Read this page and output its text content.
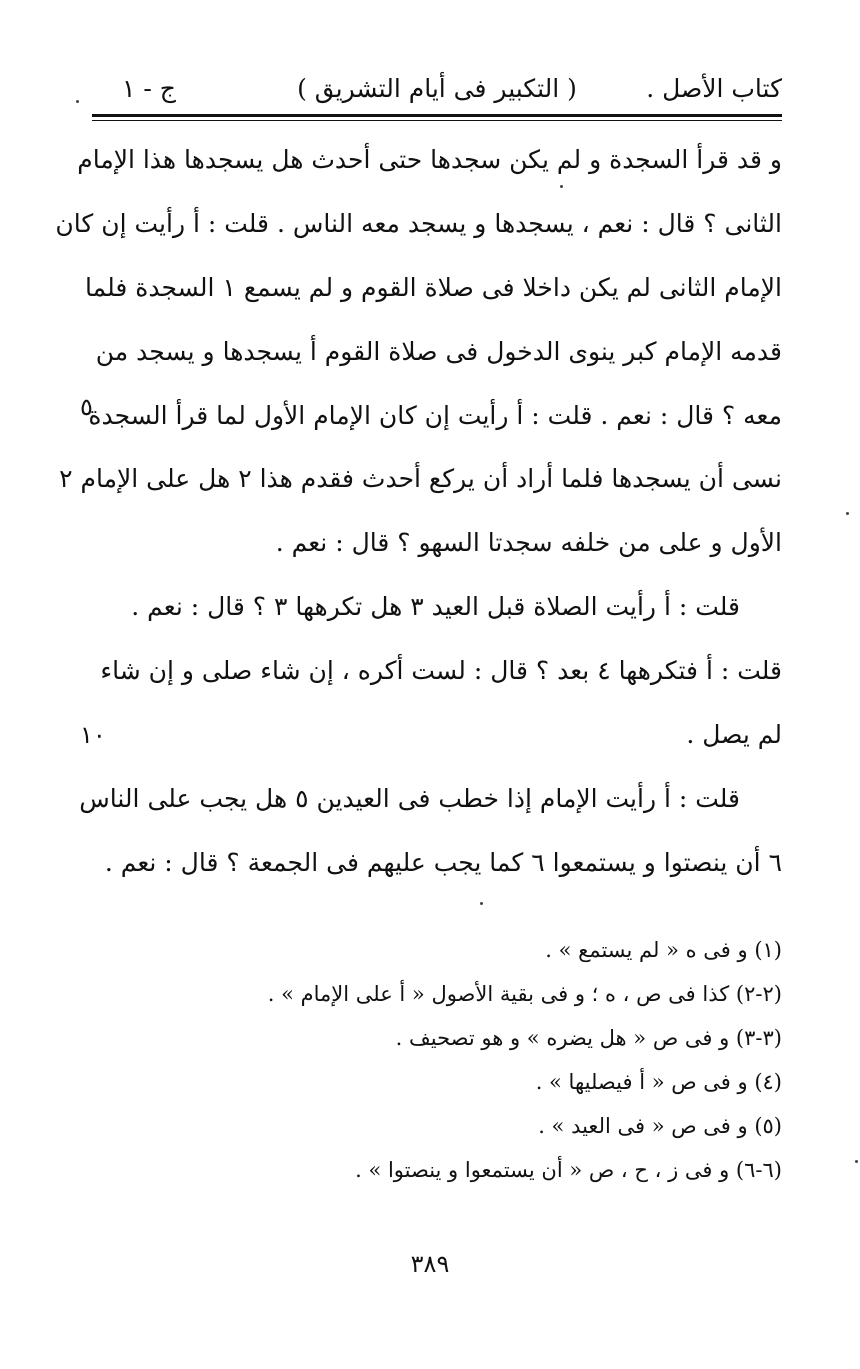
كتاب الأصل .
( التكبير فى أيام التشريق )
ج - ١
و قد قرأ السجدة و لم يكن سجدها حتى أحدث هل يسجدها هذا الإمام
الثانى ؟ قال : نعم ، يسجدها و يسجد معه الناس . قلت : أ رأيت إن كان
الإمام الثانى لم يكن داخلا فى صلاة القوم و لم يسمع ١ السجدة فلما
قدمه الإمام كبر ينوى الدخول فى صلاة القوم أ يسجدها و يسجد من
معه ؟ قال : نعم . قلت : أ رأيت إن كان الإمام الأول لما قرأ السجدة
نسى أن يسجدها فلما أراد أن يركع أحدث فقدم هذا ٢ هل على الإمام ٢
الأول و على من خلفه سجدتا السهو ؟ قال : نعم .
قلت : أ رأيت الصلاة قبل العيد ٣ هل تكرهها ٣ ؟ قال : نعم .
قلت : أ فتكرهها ٤ بعد ؟ قال : لست أكره ، إن شاء صلى و إن شاء
لم يصل .
قلت : أ رأيت الإمام إذا خطب فى العيدين ٥ هل يجب على الناس
٦ أن ينصتوا و يستمعوا ٦ كما يجب عليهم فى الجمعة ؟ قال : نعم .
٥
١٠
(١) و فى ه « لم يستمع » .
(٢-٢) كذا فى ص ، ه ؛ و فى بقية الأصول « أ على الإمام » .
(٣-٣) و فى ص « هل يضره » و هو تصحيف .
(٤) و فى ص « أ فيصليها » .
(٥) و فى ص « فى العيد » .
(٦-٦) و فى ز ، ح ، ص « أن يستمعوا و ينصتوا » .
٣٨٩
